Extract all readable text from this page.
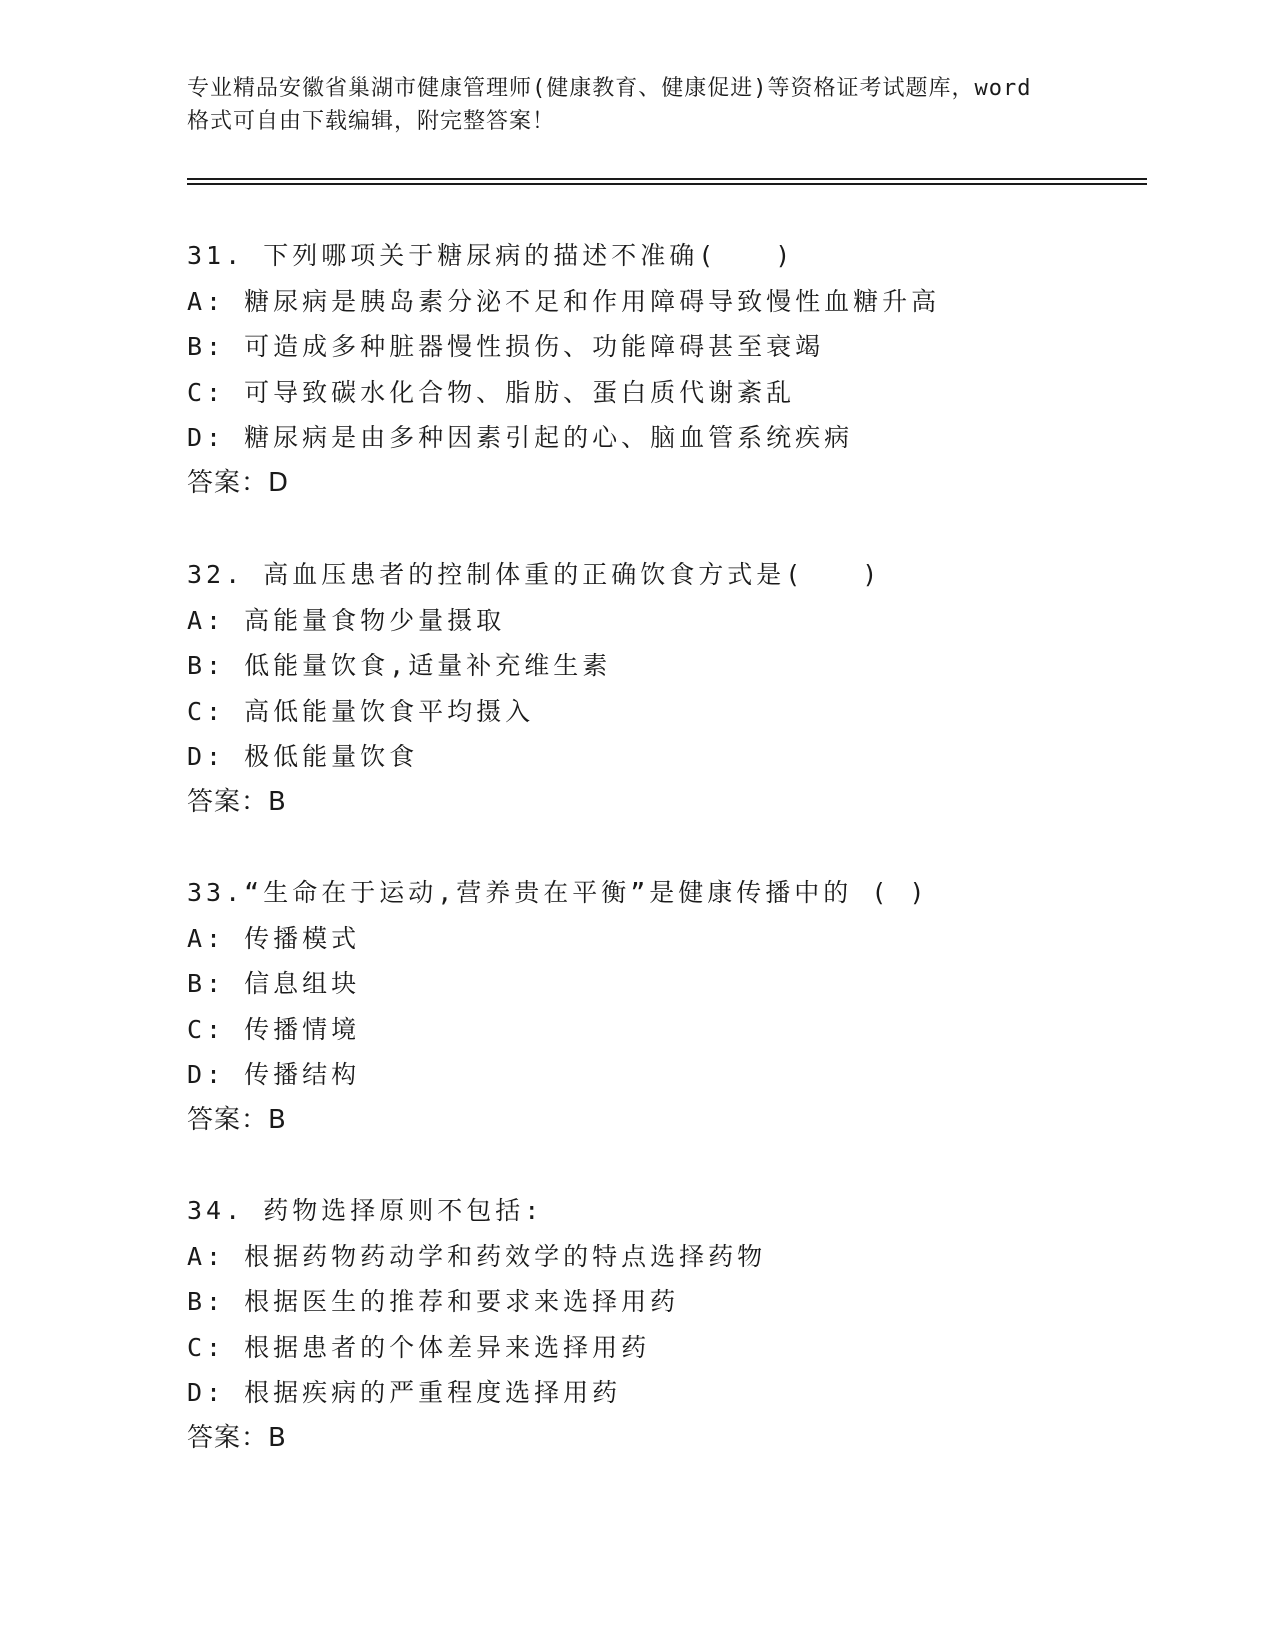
专业精品安徽省巢湖市健康管理师(健康教育、健康促进)等资格证考试题库，word
格式可自由下载编辑，附完整答案！
31. 下列哪项关于糖尿病的描述不准确(　　)
A: 糖尿病是胰岛素分泌不足和作用障碍导致慢性血糖升高
B: 可造成多种脏器慢性损伤、功能障碍甚至衰竭
C: 可导致碳水化合物、脂肪、蛋白质代谢紊乱
D: 糖尿病是由多种因素引起的心、脑血管系统疾病
答案：D
32. 高血压患者的控制体重的正确饮食方式是(　　)
A: 高能量食物少量摄取
B: 低能量饮食,适量补充维生素
C: 高低能量饮食平均摄入
D: 极低能量饮食
答案：B
33.“生命在于运动,营养贵在平衡”是健康传播中的 ( )
A: 传播模式
B: 信息组块
C: 传播情境
D: 传播结构
答案：B
34. 药物选择原则不包括:
A: 根据药物药动学和药效学的特点选择药物
B: 根据医生的推荐和要求来选择用药
C: 根据患者的个体差异来选择用药
D: 根据疾病的严重程度选择用药
答案：B
